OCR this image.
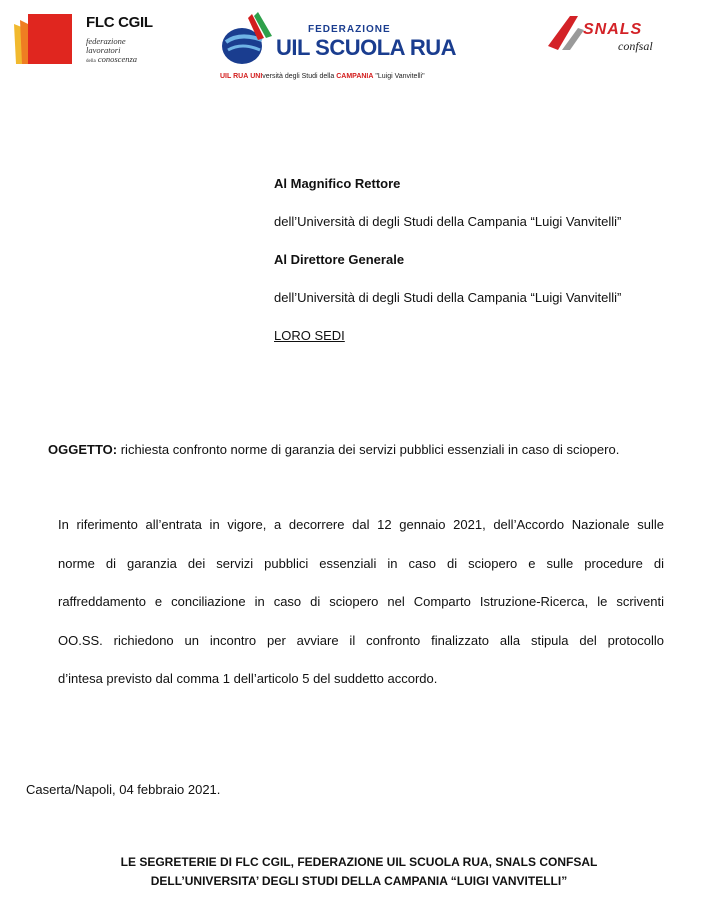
FLC CGIL
federazione
lavoratori
della conoscenza
FEDERAZIONE
UIL SCUOLA RUA
UIL RUA UNIversità degli Studi della CAMPANIA "Luigi Vanvitelli"
SNALS
confsal
Al Magnifico Rettore
dell’Università di degli Studi della Campania “Luigi Vanvitelli”
Al Direttore Generale
dell’Università di degli Studi della Campania “Luigi Vanvitelli”
LORO SEDI
OGGETTO: richiesta confronto norme di garanzia dei servizi pubblici essenziali in caso di sciopero.
In riferimento all’entrata in vigore, a decorrere dal 12 gennaio 2021, dell’Accordo Nazionale sulle
norme di garanzia dei servizi pubblici essenziali in caso di sciopero e sulle procedure di
raffreddamento e conciliazione in caso di sciopero nel Comparto Istruzione-Ricerca, le scriventi
OO.SS. richiedono un incontro per avviare il confronto finalizzato alla stipula del protocollo
d’intesa previsto dal comma 1 dell’articolo 5 del suddetto accordo.
Caserta/Napoli, 04 febbraio 2021.
LE SEGRETERIE DI FLC CGIL, FEDERAZIONE UIL SCUOLA RUA, SNALS CONFSAL
DELL’UNIVERSITA’ DEGLI STUDI DELLA CAMPANIA “LUIGI VANVITELLI”
